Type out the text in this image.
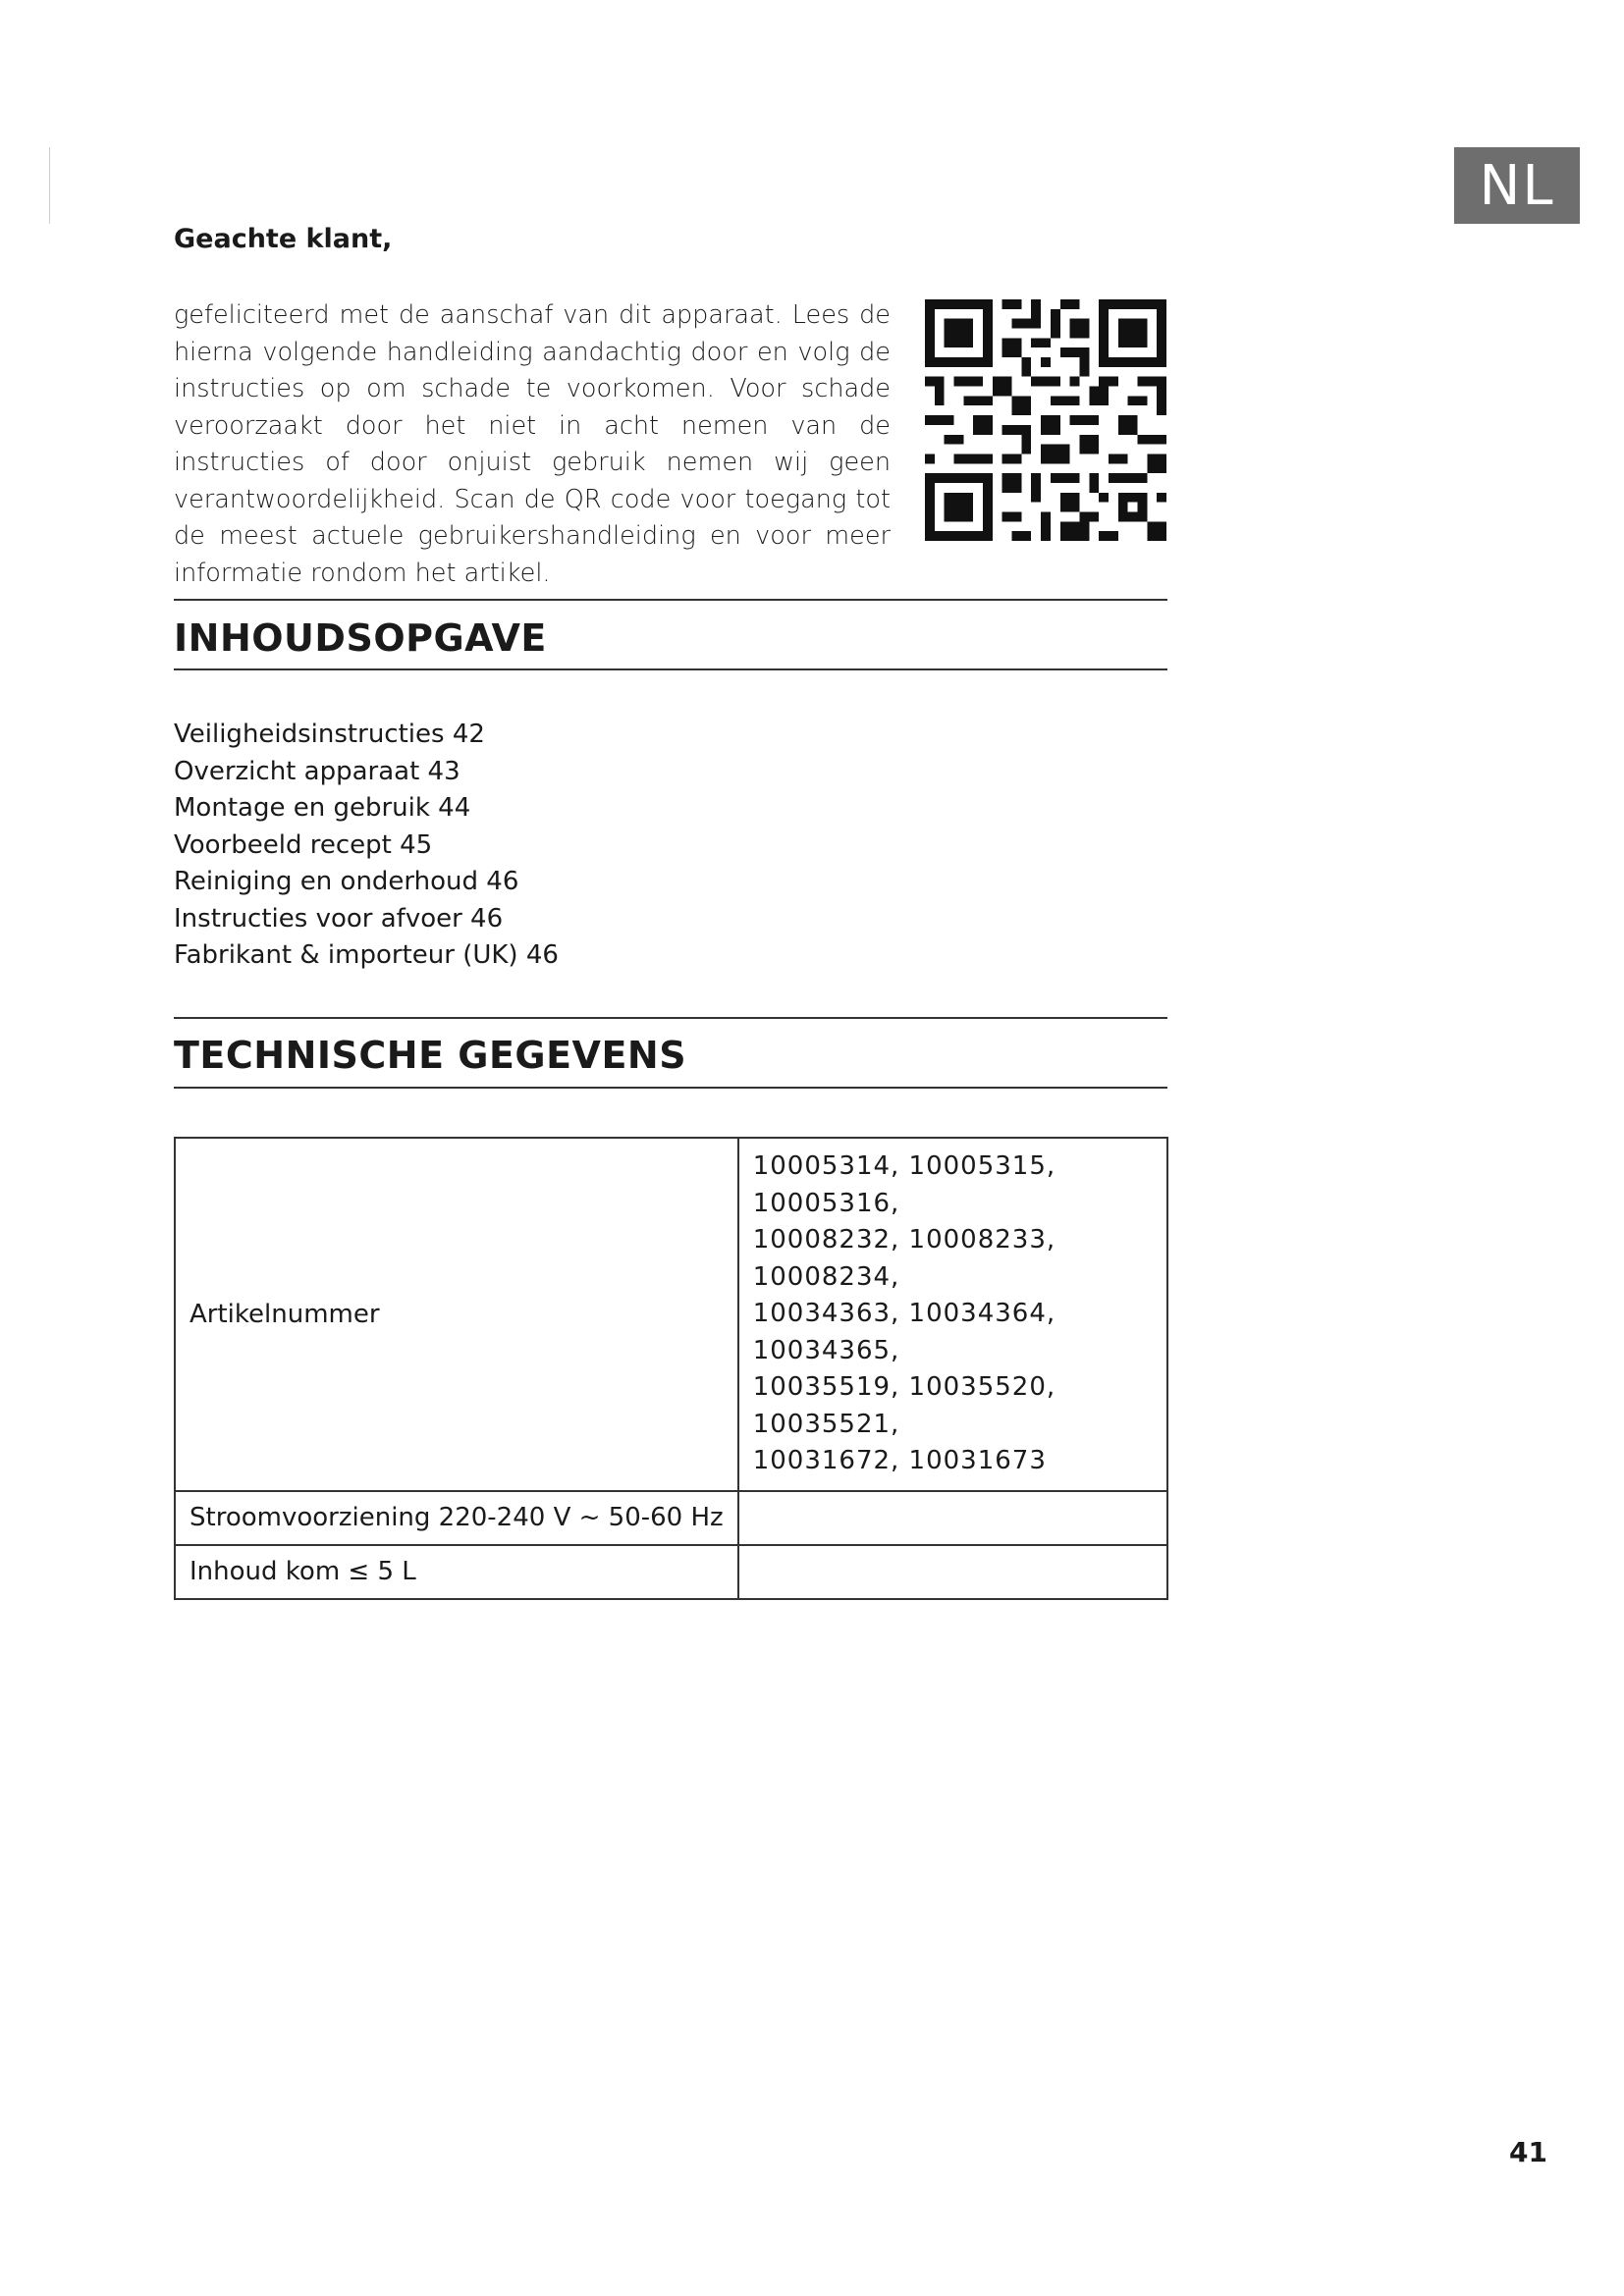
NL
Geachte klant,

gefeliciteerd met de aanschaf van dit apparaat. Lees de hierna volgende handleiding aandachtig door en volg de instructies op om schade te voorkomen. Voor schade veroorzaakt door het niet in acht nemen van de instructies of door onjuist gebruik nemen wij geen verantwoordelijkheid. Scan de QR code voor toegang tot de meest actuele gebruikershandleiding en voor meer informatie rondom het artikel.

INHOUDSOPGAVE
Veiligheidsinstructies 42
Overzicht apparaat 43
Montage en gebruik 44
Voorbeeld recept 45
Reiniging en onderhoud 46
Instructies voor afvoer 46
Fabrikant & importeur (UK) 46
TECHNISCHE GEGEVENS
Artikelnummer	10005314, 10005315, 10005316,
10008232, 10008233, 10008234,
10034363, 10034364, 10034365,
10035519, 10035520, 10035521,
10031672, 10031673

Stroomvoorziening 220-240 V ~ 50-60 Hz	
Inhoud kom ≤ 5 L	
41
